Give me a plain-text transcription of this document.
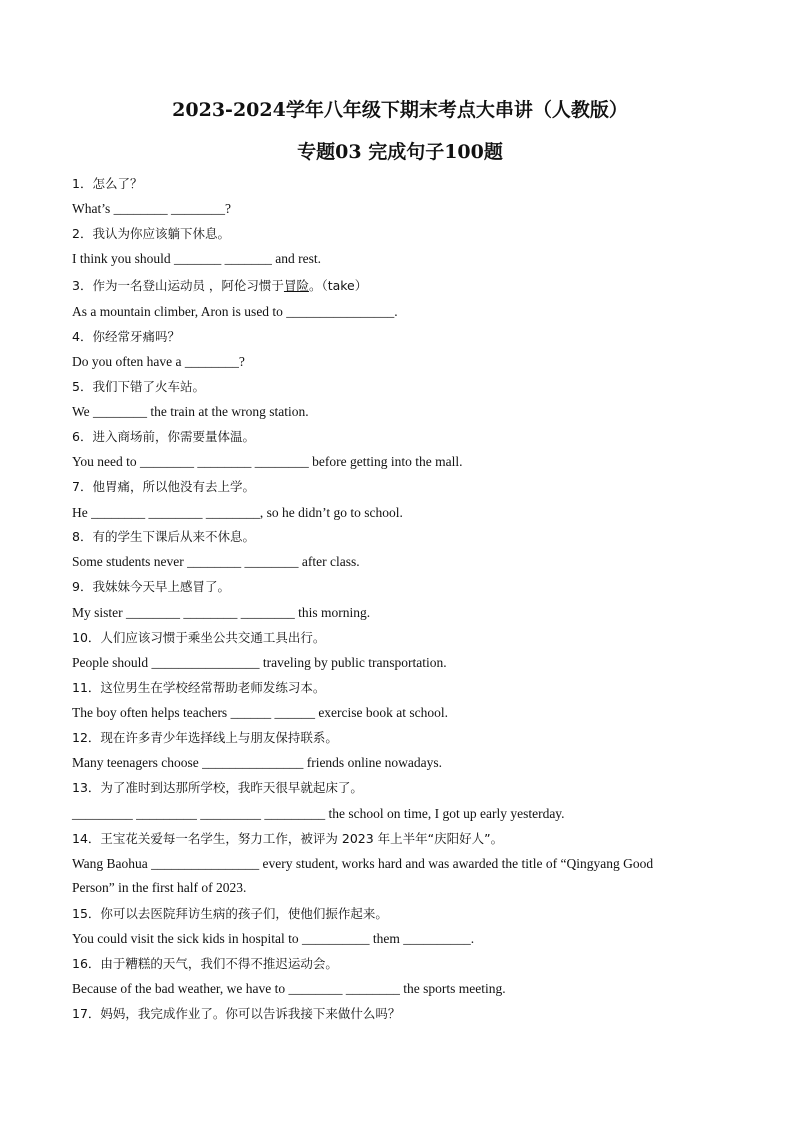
2023-2024学年八年级下期末考点大串讲（人教版）
专题03 完成句子100题
1．怎么了？
What’s ________ ________?
2．我认为你应该躺下休息。
I think you should _______ _______ and rest.
3．作为一名登山运动员 ，阿伦习惯于冒险。（take）
As a mountain climber, Aron is used to ________________.
4．你经常牙痛吗？
Do you often have a ________?
5．我们下错了火车站。
We ________ the train at the wrong station.
6．进入商场前，你需要量体温。
You need to ________ ________ ________ before getting into the mall.
7．他胃痛，所以他没有去上学。
He ________ ________ ________, so he didn’t go to school.
8．有的学生下课后从来不休息。
Some students never ________ ________ after class.
9．我妹妹今天早上感冒了。
My sister ________ ________ ________ this morning.
10．人们应该习惯于乘坐公共交通工具出行。
People should ________________ traveling by public transportation.
11．这位男生在学校经常帮助老师发练习本。
The boy often helps teachers ______ ______ exercise book at school.
12．现在许多青少年选择线上与朋友保持联系。
Many teenagers choose _______________ friends online nowadays.
13．为了准时到达那所学校，我昨天很早就起床了。
_________ _________ _________ _________ the school on time, I got up early yesterday.
14．王宝花关爱每一名学生，努力工作，被评为 2023 年上半年“庆阳好人”。
Wang Baohua ________________ every student, works hard and was awarded the title of “Qingyang Good
Person” in the first half of 2023.
15．你可以去医院拜访生病的孩子们，使他们振作起来。
You could visit the sick kids in hospital to __________ them __________.
16．由于糟糕的天气，我们不得不推迟运动会。
Because of the bad weather, we have to ________ ________ the sports meeting.
17．妈妈，我完成作业了。你可以告诉我接下来做什么吗？
